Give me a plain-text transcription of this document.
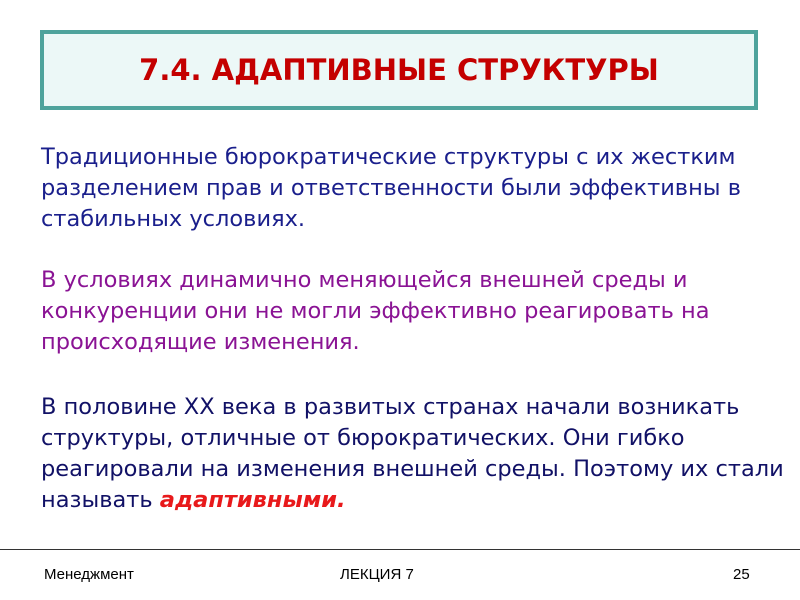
7.4. АДАПТИВНЫЕ СТРУКТУРЫ

Традиционные бюрократические структуры с их жестким разделением прав и ответственности были эффективны в стабильных условиях.

В условиях динамично меняющейся внешней среды и конкуренции они не могли эффективно реагировать на происходящие изменения.

В половине XX века в развитых странах начали возникать структуры, отличные от бюрократических. Они гибко реагировали на изменения внешней среды. Поэтому их стали называть адаптивными.

Менеджмент	ЛЕКЦИЯ 7	25
